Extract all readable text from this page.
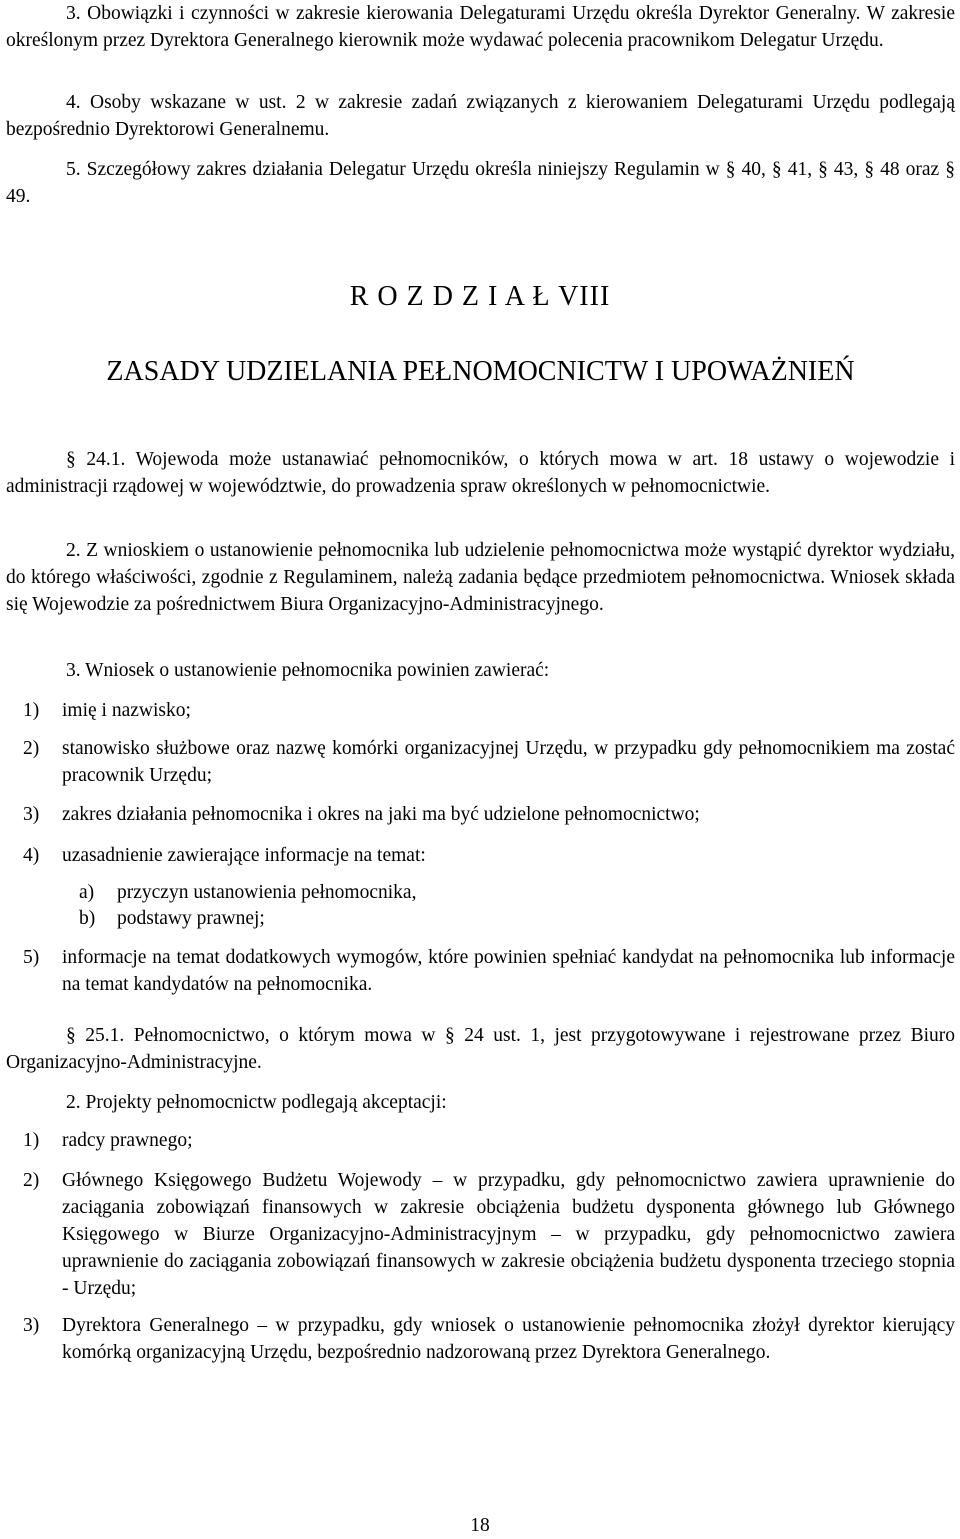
3. Obowiązki i czynności w zakresie kierowania Delegaturami Urzędu określa Dyrektor Generalny. W zakresie określonym przez Dyrektora Generalnego kierownik może wydawać polecenia pracownikom Delegatur Urzędu.

4. Osoby wskazane w ust. 2 w zakresie zadań związanych z kierowaniem Delegaturami Urzędu podlegają bezpośrednio Dyrektorowi Generalnemu.

5. Szczegółowy zakres działania Delegatur Urzędu określa niniejszy Regulamin w § 40, § 41, § 43, § 48 oraz § 49.

R O Z D Z I A Ł VIII
ZASADY UDZIELANIA PEŁNOMOCNICTW I UPOWAŻNIEŃ

§ 24.1. Wojewoda może ustanawiać pełnomocników, o których mowa w art. 18 ustawy o wojewodzie i administracji rządowej w województwie, do prowadzenia spraw określonych w pełnomocnictwie.

2. Z wnioskiem o ustanowienie pełnomocnika lub udzielenie pełnomocnictwa może wystąpić dyrektor wydziału, do którego właściwości, zgodnie z Regulaminem, należą zadania będące przedmiotem pełnomocnictwa. Wniosek składa się Wojewodzie za pośrednictwem Biura Organizacyjno-Administracyjnego.

3. Wniosek o ustanowienie pełnomocnika powinien zawierać:

1) imię i nazwisko;
2) stanowisko służbowe oraz nazwę komórki organizacyjnej Urzędu, w przypadku gdy pełnomocnikiem ma zostać pracownik Urzędu;
3) zakres działania pełnomocnika i okres na jaki ma być udzielone pełnomocnictwo;
4) uzasadnienie zawierające informacje na temat:
a) przyczyn ustanowienia pełnomocnika,
b) podstawy prawnej;
5) informacje na temat dodatkowych wymogów, które powinien spełniać kandydat na pełnomocnika lub informacje na temat kandydatów na pełnomocnika.

§ 25.1. Pełnomocnictwo, o którym mowa w § 24 ust. 1, jest przygotowywane i rejestrowane przez Biuro Organizacyjno-Administracyjne.

2. Projekty pełnomocnictw podlegają akceptacji:

1) radcy prawnego;
2) Głównego Księgowego Budżetu Wojewody – w przypadku, gdy pełnomocnictwo zawiera uprawnienie do zaciągania zobowiązań finansowych w zakresie obciążenia budżetu dysponenta głównego lub Głównego Księgowego w Biurze Organizacyjno-Administracyjnym – w przypadku, gdy pełnomocnictwo zawiera uprawnienie do zaciągania zobowiązań finansowych w zakresie obciążenia budżetu dysponenta trzeciego stopnia - Urzędu;
3) Dyrektora Generalnego – w przypadku, gdy wniosek o ustanowienie pełnomocnika złożył dyrektor kierujący komórką organizacyjną Urzędu, bezpośrednio nadzorowaną przez Dyrektora Generalnego.
18
